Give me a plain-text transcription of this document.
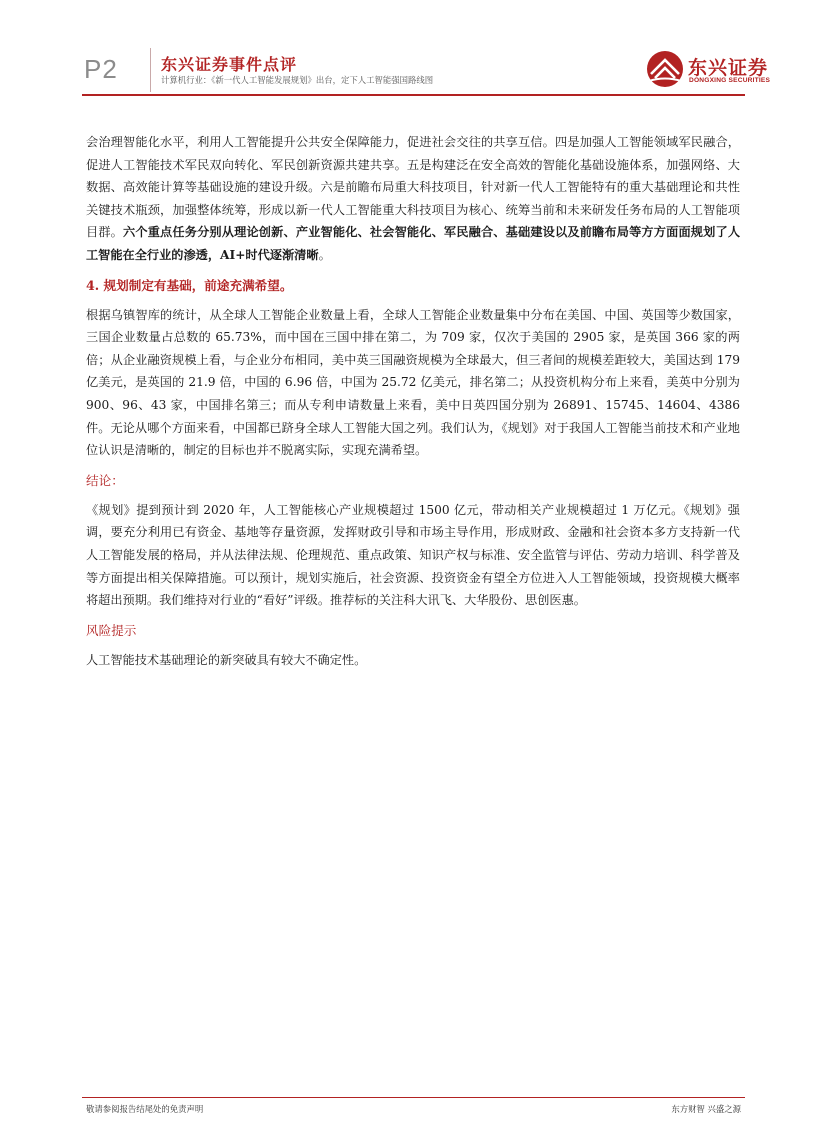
P2	东兴证券事件点评
计算机行业：《新一代人工智能发展规划》出台，定下人工智能强国路线图
东兴证券
DONGXING SECURITIES

会治理智能化水平，利用人工智能提升公共安全保障能力，促进社会交往的共享互信。四是加强人工智能领域军民融合，促进人工智能技术军民双向转化、军民创新资源共建共享。五是构建泛在安全高效的智能化基础设施体系，加强网络、大数据、高效能计算等基础设施的建设升级。六是前瞻布局重大科技项目，针对新一代人工智能特有的重大基础理论和共性关键技术瓶颈，加强整体统筹，形成以新一代人工智能重大科技项目为核心、统筹当前和未来研发任务布局的人工智能项目群。六个重点任务分别从理论创新、产业智能化、社会智能化、军民融合、基础建设以及前瞻布局等方方面面规划了人工智能在全行业的渗透，AI+时代逐渐清晰。

4. 规划制定有基础，前途充满希望。

根据乌镇智库的统计，从全球人工智能企业数量上看，全球人工智能企业数量集中分布在美国、中国、英国等少数国家，三国企业数量占总数的 65.73%，而中国在三国中排在第二，为 709 家，仅次于美国的 2905 家，是英国 366 家的两倍；从企业融资规模上看，与企业分布相同，美中英三国融资规模为全球最大，但三者间的规模差距较大，美国达到 179 亿美元，是英国的 21.9 倍，中国的 6.96 倍，中国为 25.72 亿美元，排名第二；从投资机构分布上来看，美英中分别为 900、96、43 家，中国排名第三；而从专利申请数量上来看，美中日英四国分别为 26891、15745、14604、4386 件。无论从哪个方面来看，中国都已跻身全球人工智能大国之列。我们认为，《规划》对于我国人工智能当前技术和产业地位认识是清晰的，制定的目标也并不脱离实际，实现充满希望。

结论：

《规划》提到预计到 2020 年，人工智能核心产业规模超过 1500 亿元，带动相关产业规模超过 1 万亿元。《规划》强调，要充分利用已有资金、基地等存量资源，发挥财政引导和市场主导作用，形成财政、金融和社会资本多方支持新一代人工智能发展的格局，并从法律法规、伦理规范、重点政策、知识产权与标准、安全监管与评估、劳动力培训、科学普及等方面提出相关保障措施。可以预计，规划实施后，社会资源、投资资金有望全方位进入人工智能领域，投资规模大概率将超出预期。我们维持对行业的“看好”评级。推荐标的关注科大讯飞、大华股份、思创医惠。

风险提示

人工智能技术基础理论的新突破具有较大不确定性。

敬请参阅报告结尾处的免责声明	东方财智 兴盛之源
